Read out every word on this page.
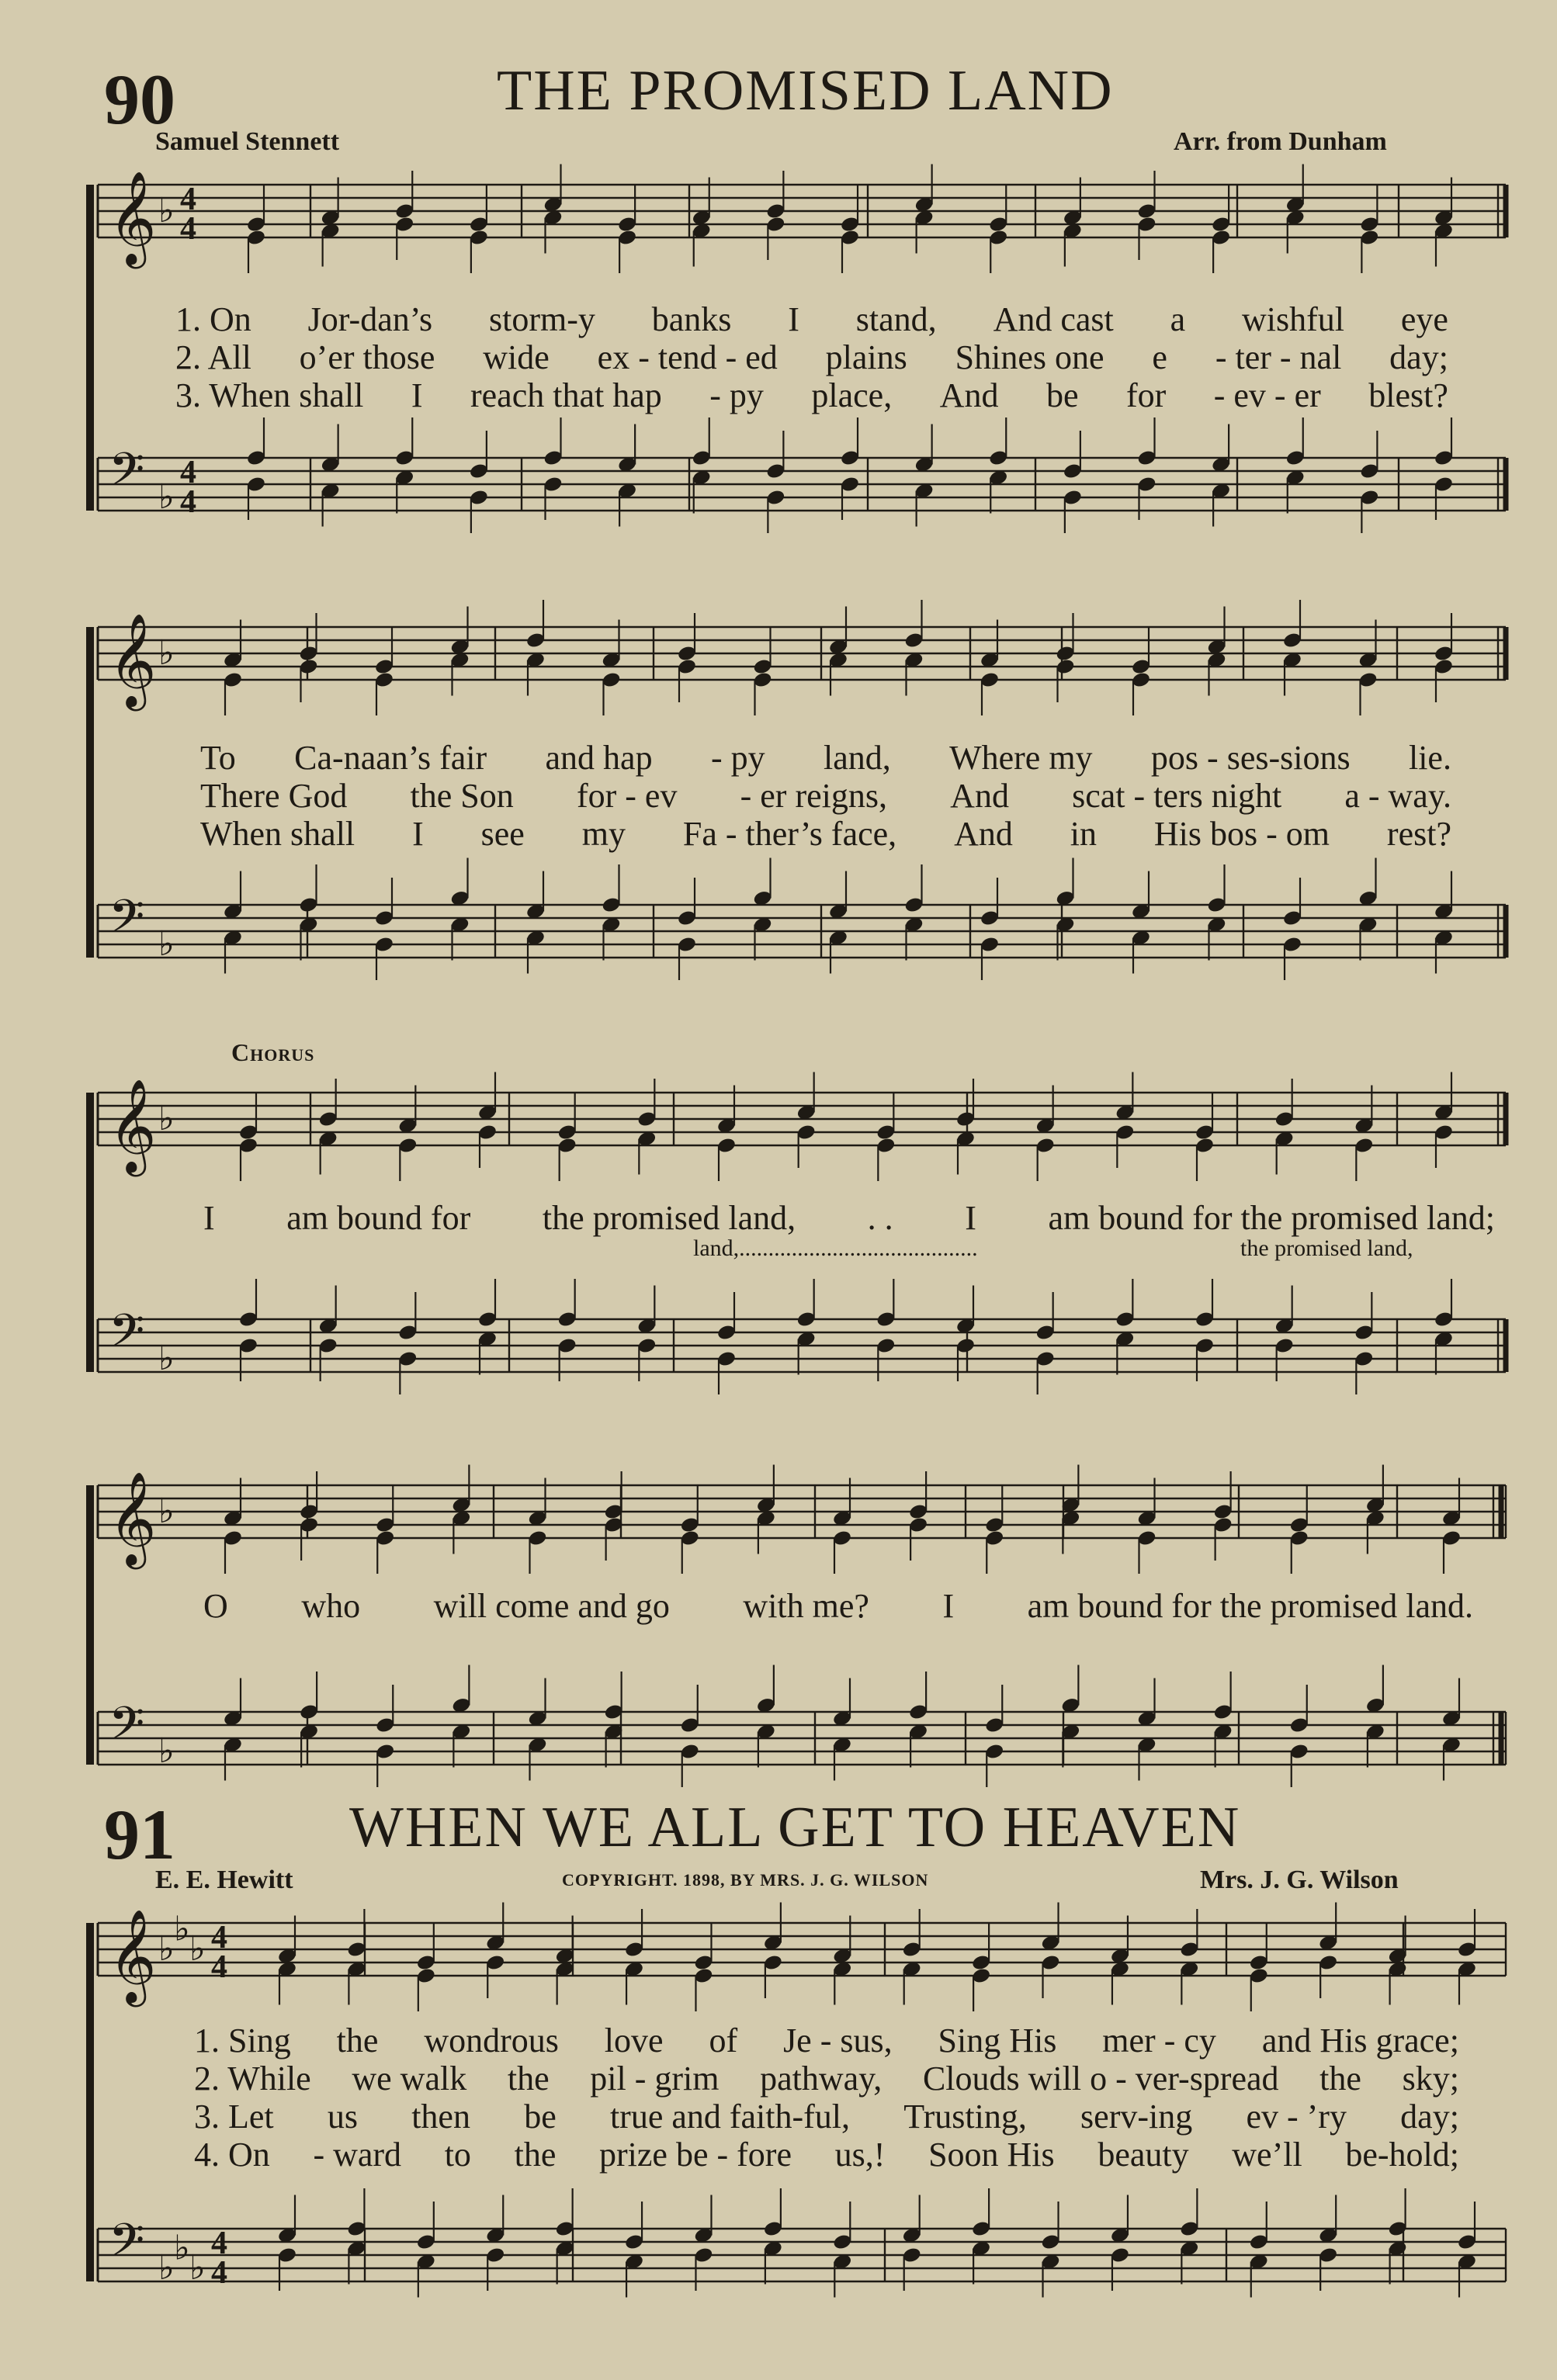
𝄞 ♭ 4
4
𝄢 ♭
4
4
𝄞 ♭
𝄢 ♭
𝄞 ♭
𝄢 ♭
𝄞 ♭
𝄢 ♭
𝄞 ♭ ♭ ♭ 4
4
𝄢 ♭ ♭ ♭
4
4
90	THE PROMISED LAND
Samuel Stennett	Arr. from Dunham
1. On Jor-dan’s storm-y banks I stand, And cast a wishful eye
2. All o’er those wide ex - tend - ed plains Shines one e - ter - nal day;
3. When shall I reach that hap - py place, And be for - ev - er blest?
To Ca-naan’s fair and hap - py land, Where my pos - ses-sions lie.
There God the Son for - ev - er reigns, And scat - ters night a - way.
When shall I see my Fa - ther’s face, And in His bos - om rest?
Chorus
I am bound for the promised land, . . I am bound for the promised land;
land,.........................................	the promised land,
O who will come and go with me? I am bound for the promised land.
91	WHEN WE ALL GET TO HEAVEN
E. E. Hewitt	COPYRIGHT. 1898, BY MRS. J. G. WILSON	Mrs. J. G. Wilson
1. Sing the wondrous love of Je - sus, Sing His mer - cy and His grace;
2. While we walk the pil - grim pathway, Clouds will o - ver-spread the sky;
3. Let us then be true and faith-ful, Trusting, serv-ing ev - ’ry day;
4. On - ward to the prize be - fore us,! Soon His beauty we’ll be-hold;
